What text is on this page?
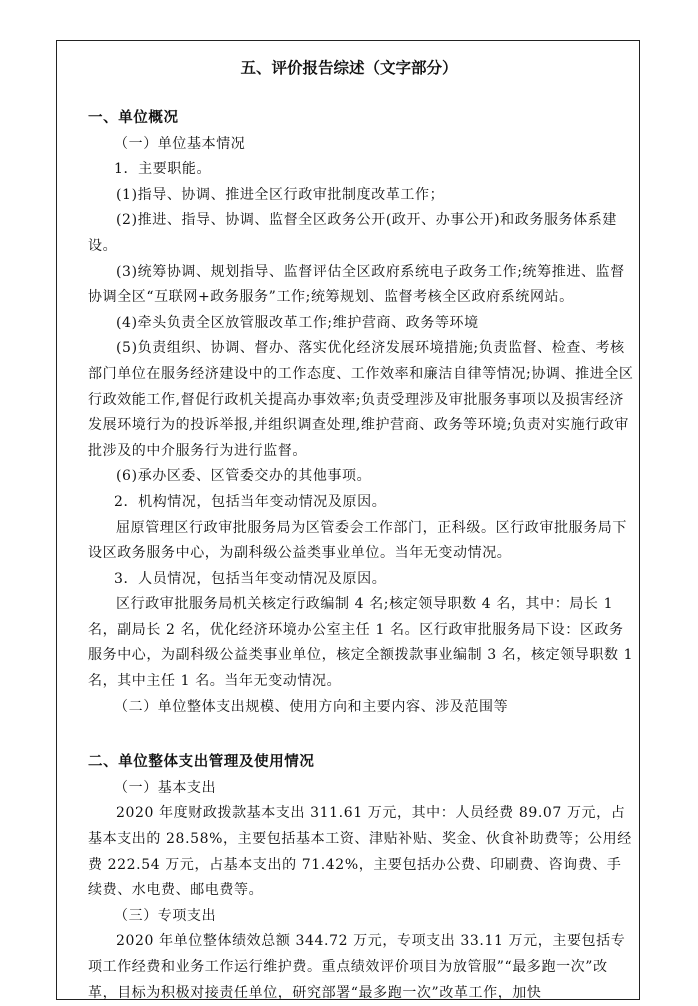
五、评价报告综述（文字部分）

一、单位概况

（一）单位基本情况

1．主要职能。

(1)指导、协调、推进全区行政审批制度改革工作；

(2)推进、指导、协调、监督全区政务公开(政开、办事公开)和政务服务体系建设。

(3)统筹协调、规划指导、监督评估全区政府系统电子政务工作;统筹推进、监督协调全区“互联网+政务服务”工作;统筹规划、监督考核全区政府系统网站。

(4)牵头负责全区放管服改革工作;维护营商、政务等环境

(5)负责组织、协调、督办、落实优化经济发展环境措施;负责监督、检查、考核部门单位在服务经济建设中的工作态度、工作效率和廉洁自律等情况;协调、推进全区行政效能工作,督促行政机关提高办事效率;负责受理涉及审批服务事项以及损害经济发展环境行为的投诉举报,并组织调查处理,维护营商、政务等环境;负责对实施行政审批涉及的中介服务行为进行监督。

(6)承办区委、区管委交办的其他事项。

2．机构情况，包括当年变动情况及原因。

屈原管理区行政审批服务局为区管委会工作部门，正科级。区行政审批服务局下设区政务服务中心，为副科级公益类事业单位。当年无变动情况。

3．人员情况，包括当年变动情况及原因。

区行政审批服务局机关核定行政编制 4 名;核定领导职数 4 名，其中：局长 1 名，副局长 2 名，优化经济环境办公室主任 1 名。区行政审批服务局下设：区政务服务中心，为副科级公益类事业单位，核定全额拨款事业编制 3 名，核定领导职数 1 名，其中主任 1 名。当年无变动情况。

（二）单位整体支出规模、使用方向和主要内容、涉及范围等

二、单位整体支出管理及使用情况

（一）基本支出

2020 年度财政拨款基本支出 311.61 万元，其中：人员经费 89.07 万元，占基本支出的 28.58%，主要包括基本工资、津贴补贴、奖金、伙食补助费等；公用经费 222.54 万元，占基本支出的 71.42%，主要包括办公费、印刷费、咨询费、手续费、水电费、邮电费等。

（三）专项支出

2020 年单位整体绩效总额 344.72 万元，专项支出 33.11 万元，主要包括专项工作经费和业务工作运行维护费。重点绩效评价项目为放管服”“最多跑一次”改革，目标为积极对接责任单位，研究部署“最多跑一次”改革工作，加快
